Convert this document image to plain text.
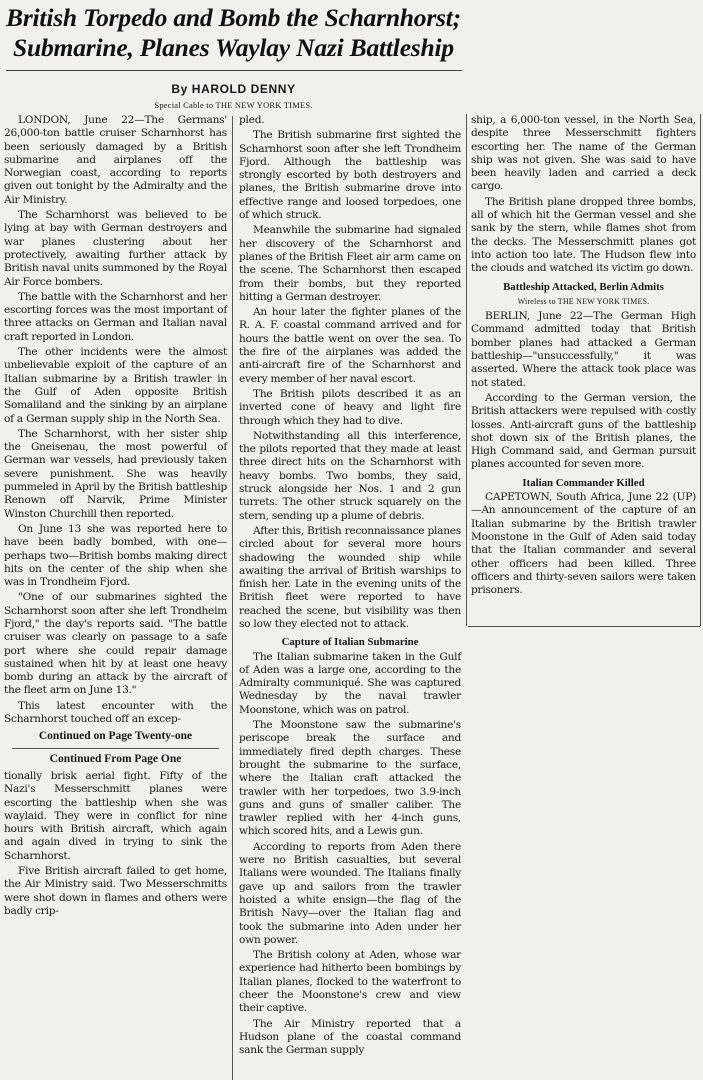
British Torpedo and Bomb the Scharnhorst;
Submarine, Planes Waylay Nazi Battleship
By HAROLD DENNY
Special Cable to THE NEW YORK TIMES.

LONDON, June 22—The Germans' 26,000-ton battle cruiser Scharnhorst has been seriously damaged by a British submarine and airplanes off the Norwegian coast, according to reports given out tonight by the Admiralty and the Air Ministry.

The Scharnhorst was believed to be lying at bay with German destroyers and war planes clustering about her protectively, awaiting further attack by British naval units summoned by the Royal Air Force bombers.

The battle with the Scharnhorst and her escorting forces was the most important of three attacks on German and Italian naval craft reported in London.

The other incidents were the almost unbelievable exploit of the capture of an Italian submarine by a British trawler in the Gulf of Aden opposite British Somaliland and the sinking by an airplane of a German supply ship in the North Sea.

The Scharnhorst, with her sister ship the Gneisenau, the most powerful of German war vessels, had previously taken severe punishment. She was heavily pummeled in April by the British battleship Renown off Narvik, Prime Minister Winston Churchill then reported.

On June 13 she was reported here to have been badly bombed, with one—perhaps two—British bombs making direct hits on the center of the ship when she was in Trondheim Fjord.

"One of our submarines sighted the Scharnhorst soon after she left Trondheim Fjord," the day's reports said. "The battle cruiser was clearly on passage to a safe port where she could repair damage sustained when hit by at least one heavy bomb during an attack by the aircraft of the fleet arm on June 13."

This latest encounter with the Scharnhorst touched off an excep-

Continued on Page Twenty-one
Continued From Page One

tionally brisk aerial fight. Fifty of the Nazi's Messerschmitt planes were escorting the battleship when she was waylaid. They were in conflict for nine hours with British aircraft, which again and again dived in trying to sink the Scharnhorst.

Five British aircraft failed to get home, the Air Ministry said. Two Messerschmitts were shot down in flames and others were badly crip-

pled.

The British submarine first sighted the Scharnhorst soon after she left Trondheim Fjord. Although the battleship was strongly escorted by both destroyers and planes, the British submarine drove into effective range and loosed torpedoes, one of which struck.

Meanwhile the submarine had signaled her discovery of the Scharnhorst and planes of the British Fleet air arm came on the scene. The Scharnhorst then escaped from their bombs, but they reported hitting a German destroyer.

An hour later the fighter planes of the R. A. F. coastal command arrived and for hours the battle went on over the sea. To the fire of the airplanes was added the anti-aircraft fire of the Scharnhorst and every member of her naval escort.

The British pilots described it as an inverted cone of heavy and light fire through which they had to dive.

Notwithstanding all this interference, the pilots reported that they made at least three direct hits on the Scharnhorst with heavy bombs. Two bombs, they said, struck alongside her Nos. 1 and 2 gun turrets. The other struck squarely on the stern, sending up a plume of debris.

After this, British reconnaissance planes circled about for several more hours shadowing the wounded ship while awaiting the arrival of British warships to finish her. Late in the evening units of the British fleet were reported to have reached the scene, but visibility was then so low they elected not to attack.

Capture of Italian Submarine

The Italian submarine taken in the Gulf of Aden was a large one, according to the Admiralty communiqué. She was captured Wednesday by the naval trawler Moonstone, which was on patrol.

The Moonstone saw the submarine's periscope break the surface and immediately fired depth charges. These brought the submarine to the surface, where the Italian craft attacked the trawler with her torpedoes, two 3.9-inch guns and guns of smaller caliber. The trawler replied with her 4-inch guns, which scored hits, and a Lewis gun.

According to reports from Aden there were no British casualties, but several Italians were wounded. The Italians finally gave up and sailors from the trawler hoisted a white ensign—the flag of the British Navy—over the Italian flag and took the submarine into Aden under her own power.

The British colony at Aden, whose war experience had hitherto been bombings by Italian planes, flocked to the waterfront to cheer the Moonstone's crew and view their captive.

The Air Ministry reported that a Hudson plane of the coastal command sank the German supply

ship, a 6,000-ton vessel, in the North Sea, despite three Messerschmitt fighters escorting her. The name of the German ship was not given. She was said to have been heavily laden and carried a deck cargo.

The British plane dropped three bombs, all of which hit the German vessel and she sank by the stern, while flames shot from the decks. The Messerschmitt planes got into action too late. The Hudson flew into the clouds and watched its victim go down.

Battleship Attacked, Berlin Admits
Wireless to THE NEW YORK TIMES.

BERLIN, June 22—The German High Command admitted today that British bomber planes had attacked a German battleship—"unsuccessfully," it was asserted. Where the attack took place was not stated.

According to the German version, the British attackers were repulsed with costly losses. Anti-aircraft guns of the battleship shot down six of the British planes, the High Command said, and German pursuit planes accounted for seven more.

Italian Commander Killed

CAPETOWN, South Africa, June 22 (UP)—An announcement of the capture of an Italian submarine by the British trawler Moonstone in the Gulf of Aden said today that the Italian commander and several other officers had been killed. Three officers and thirty-seven sailors were taken prisoners.
